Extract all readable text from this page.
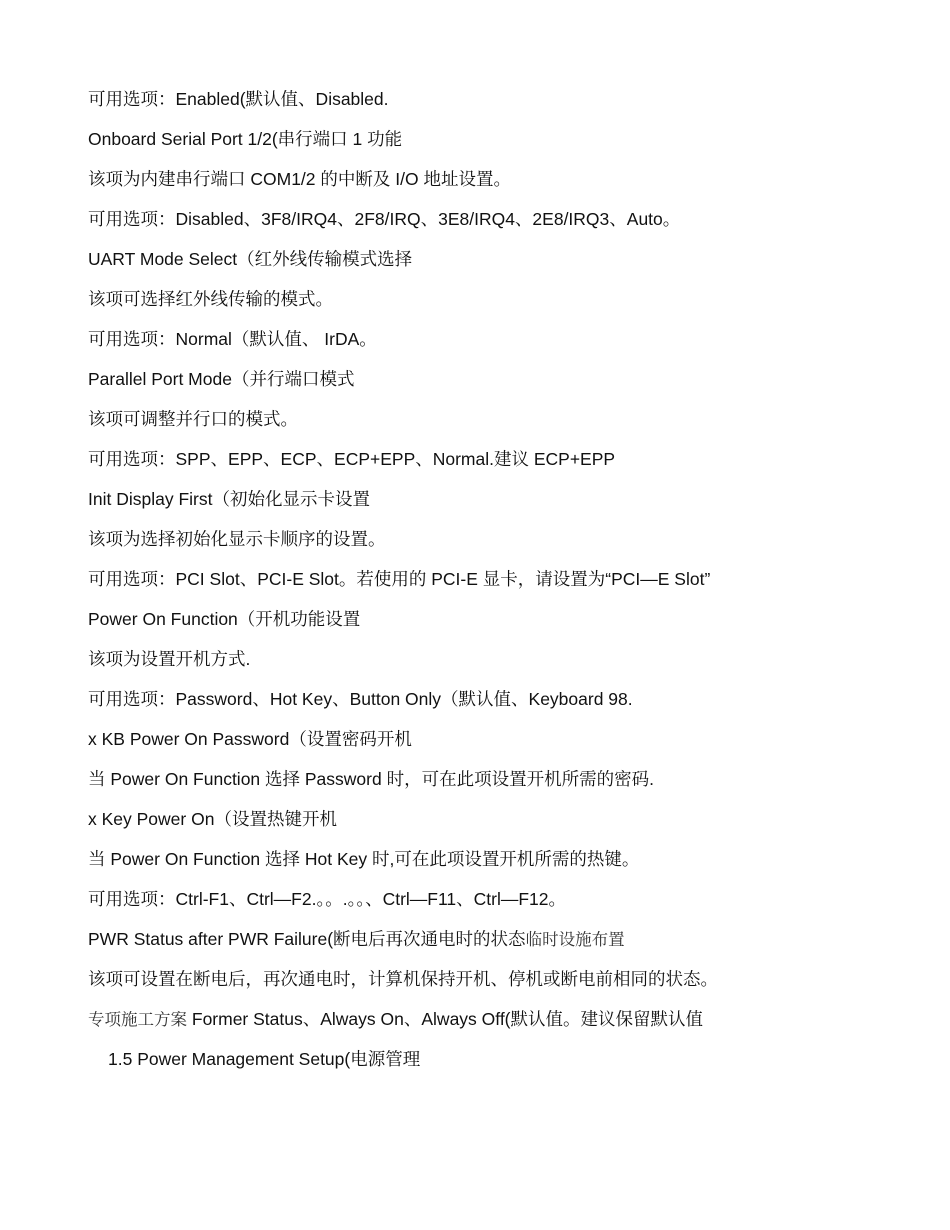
可用选项：Enabled(默认值、Disabled.
Onboard Serial Port 1/2(串行端口 1 功能
该项为内建串行端口 COM1/2 的中断及 I/O 地址设置。
可用选项：Disabled、3F8/IRQ4、2F8/IRQ、3E8/IRQ4、2E8/IRQ3、Auto。
UART Mode Select（红外线传输模式选择
该项可选择红外线传输的模式。
可用选项：Normal（默认值、 IrDA。
Parallel Port Mode（并行端口模式
该项可调整并行口的模式。
可用选项：SPP、EPP、ECP、ECP+EPP、Normal.建议 ECP+EPP
Init Display First（初始化显示卡设置
该项为选择初始化显示卡顺序的设置。
可用选项：PCI Slot、PCI-E Slot。若使用的 PCI-E 显卡，请设置为“PCI—E Slot”
Power On Function（开机功能设置
该项为设置开机方式.
可用选项：Password、Hot Key、Button Only（默认值、Keyboard 98.
x KB Power On Password（设置密码开机
当 Power On Function 选择 Password 时，可在此项设置开机所需的密码.
x Key Power On（设置热键开机
当 Power On Function 选择 Hot Key 时,可在此项设置开机所需的热键。
可用选项：Ctrl-F1、Ctrl—F2.。。.。。、Ctrl—F11、Ctrl—F12。
PWR Status after PWR Failure(断电后再次通电时的状态临时设施布置
该项可设置在断电后，再次通电时，计算机保持开机、停机或断电前相同的状态。
专项施工方案 Former Status、Always On、Always Off(默认值。建议保留默认值
1.5 Power Management Setup(电源管理
